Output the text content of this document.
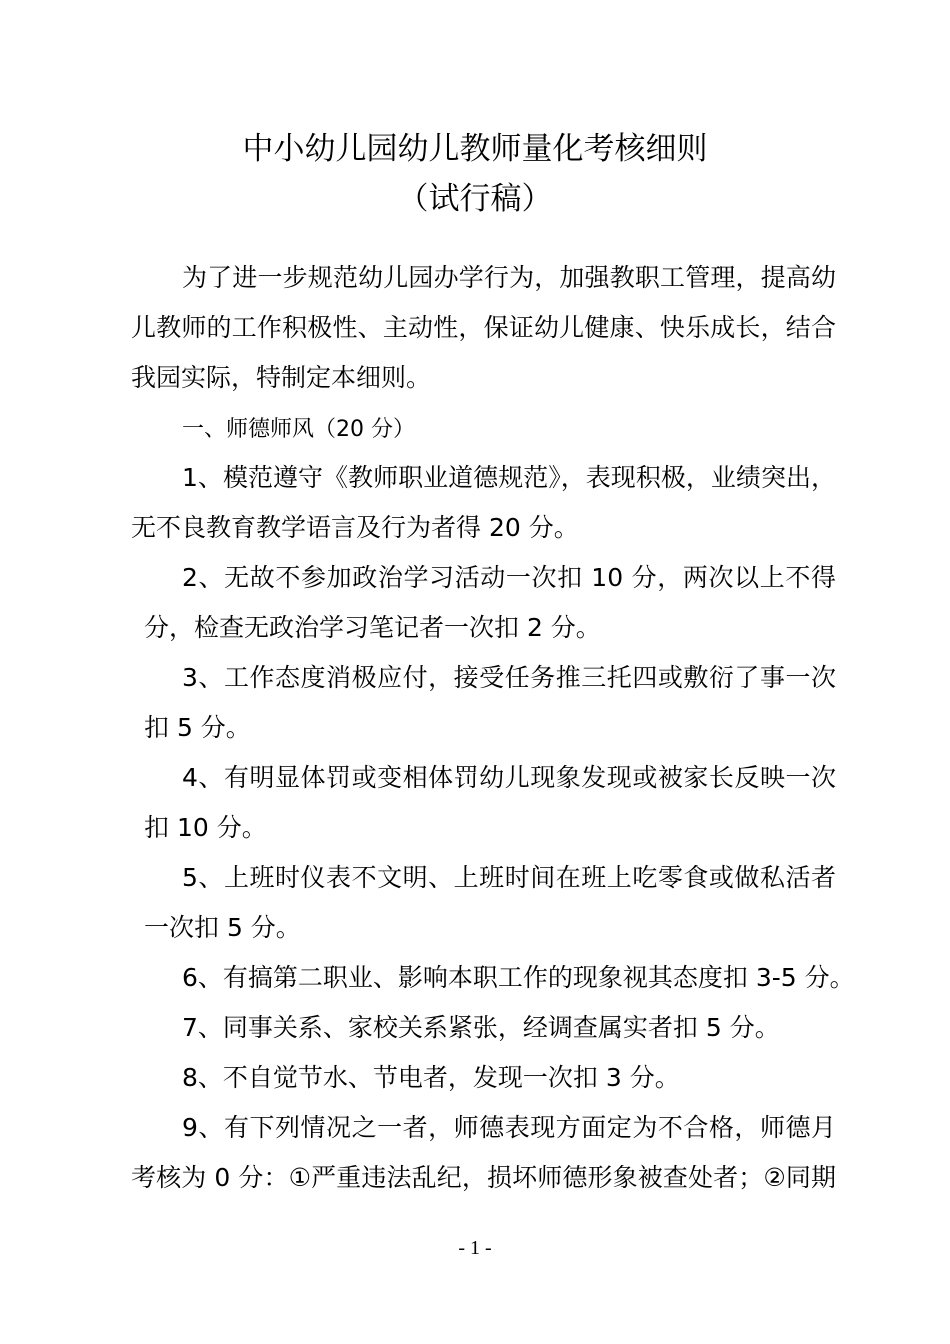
中小幼儿园幼儿教师量化考核细则
（试行稿）
为了进一步规范幼儿园办学行为，加强教职工管理，提高幼
儿教师的工作积极性、主动性，保证幼儿健康、快乐成长，结合
我园实际，特制定本细则。
一、师德师风（20 分）
1、模范遵守《教师职业道德规范》，表现积极，业绩突出，
无不良教育教学语言及行为者得 20 分。
2、无故不参加政治学习活动一次扣 10 分，两次以上不得
分，检查无政治学习笔记者一次扣 2 分。
3、工作态度消极应付，接受任务推三托四或敷衍了事一次
扣 5 分。
4、有明显体罚或变相体罚幼儿现象发现或被家长反映一次
扣 10 分。
5、上班时仪表不文明、上班时间在班上吃零食或做私活者
一次扣 5 分。
6、有搞第二职业、影响本职工作的现象视其态度扣 3-5 分。
7、同事关系、家校关系紧张，经调查属实者扣 5 分。
8、不自觉节水、节电者，发现一次扣 3 分。
9、有下列情况之一者，师德表现方面定为不合格，师德月
考核为 0 分：①严重违法乱纪，损坏师德形象被查处者；②同期
- 1 -
